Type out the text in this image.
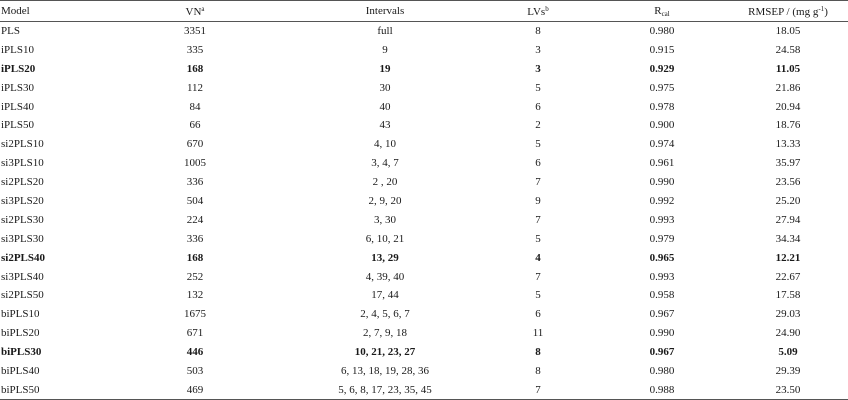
Model	$VN^a$	Intervals	LVs$^b$	$R_{cal}$	RMSEP / (mg $g^{-1}$)
PLS	3351	full	8	0.980	18.05
iPLS10	335	9	3	0.915	24.58
iPLS20	168	19	3	0.929	11.05
iPLS30	112	30	5	0.975	21.86
iPLS40	84	40	6	0.978	20.94
iPLS50	66	43	2	0.900	18.76
si2PLS10	670	4, 10	5	0.974	13.33
si3PLS10	1005	3, 4, 7	6	0.961	35.97
si2PLS20	336	2 , 20	7	0.990	23.56
si3PLS20	504	2, 9, 20	9	0.992	25.20
si2PLS30	224	3, 30	7	0.993	27.94
si3PLS30	336	6, 10, 21	5	0.979	34.34
si2PLS40	168	13, 29	4	0.965	12.21
si3PLS40	252	4, 39, 40	7	0.993	22.67
si2PLS50	132	17, 44	5	0.958	17.58
biPLS10	1675	2, 4, 5, 6, 7	6	0.967	29.03
biPLS20	671	2, 7, 9, 18	11	0.990	24.90
biPLS30	446	10, 21, 23, 27	8	0.967	5.09
biPLS40	503	6, 13, 18, 19, 28, 36	8	0.980	29.39
biPLS50	469	5, 6, 8, 17, 23, 35, 45	7	0.988	23.50
